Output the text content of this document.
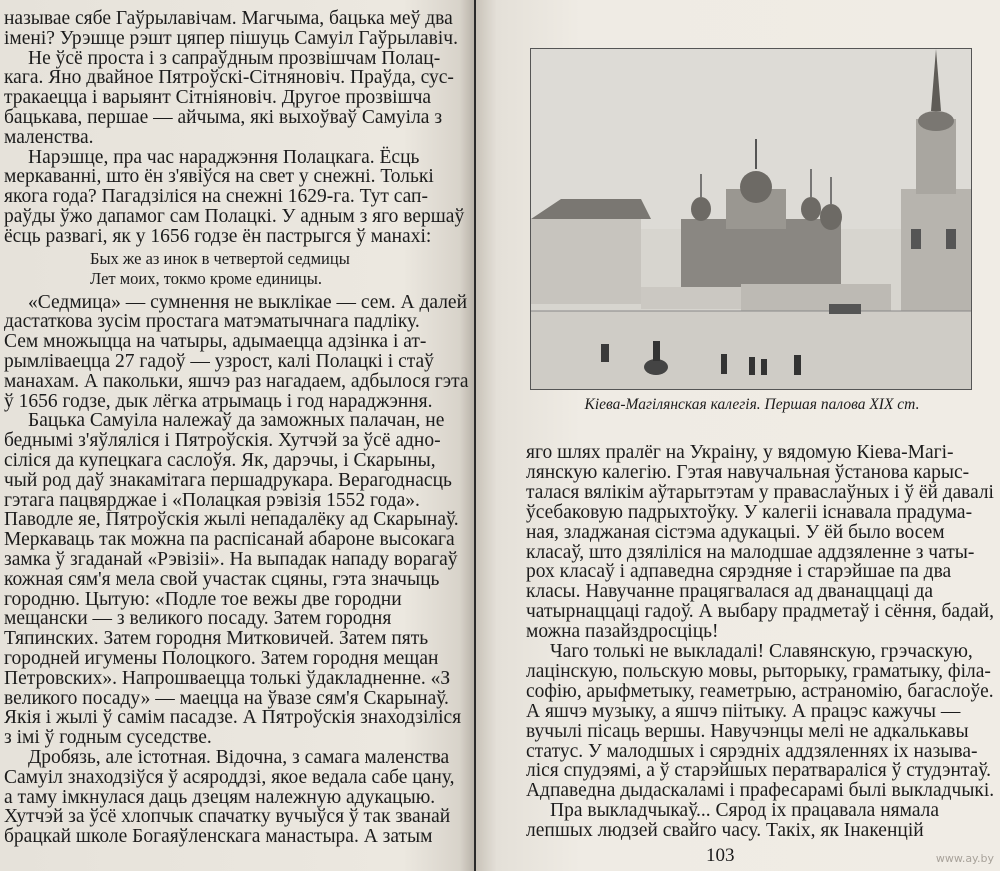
называе сябе Гаўрылавічам. Магчыма, бацька меў два
імені? Урэшце рэшт цяпер пішуць Самуіл Гаўрылавіч.
Не ўсё проста і з сапраўдным прозвішчам Полац-
кага. Яно двайное Пятроўскі-Сітняновіч. Праўда, сус-
тракаецца і варыянт Сітніяновіч. Другое прозвішча
бацькава, першае — айчыма, які выхоўваў Самуіла з
маленства.
Нарэшце, пра час нараджэння Полацкага. Ёсць
меркаванні, што ён з'явіўся на свет у снежні. Толькі
якога года? Пагадзіліся на снежні 1629-га. Тут сап-
раўды ўжо дапамог сам Полацкі. У адным з яго вершаў
ёсць развагі, як у 1656 годзе ён пастрыгся ў манахі:
Бых же аз инок в четвертой седмицы
Лет моих, токмо кроме единицы.
«Седмица» — сумнення не выклікае — сем. А далей
дастаткова зусім простага матэматычнага падліку.
Сем множыцца на чатыры, адымаецца адзінка і ат-
рымліваецца 27 гадоў — узрост, калі Полацкі і стаў
манахам. А пакольки, яшчэ раз нагадаем, адбылося гэта
ў 1656 годзе, дык лёгка атрымаць і год нараджэння.
Бацька Самуіла належаў да заможных палачан, не
беднымі з'яўляліся і Пятроўскія. Хутчэй за ўсё адно-
сіліся да купецкага саслоўя. Як, дарэчы, і Скарыны,
чый род даў знакамітага першадрукара. Верагоднасць
гэтага пацвярджае і «Полацкая рэвізія 1552 года».
Паводле яе, Пятроўскія жылі непадалёку ад Скарынаў.
Меркаваць так можна па распісанай абароне высокага
замка ў згаданай «Рэвізіі». На выпадак нападу ворагаў
кожная сям'я мела свой участак сцяны, гэта значыць
городню. Цытую: «Подле тое вежы две городни
мещански — з великого посаду. Затем городня
Тяпинских. Затем городня Митковичей. Затем пять
городней игумены Полоцкого. Затем городня мещан
Петровских». Напрошваецца толькі ўдакладненне. «З
великого посаду» — маецца на ўвазе сям'я Скарынаў.
Якія і жылі ў самім пасадзе. А Пятроўскія знаходзіліся
з імі ў годным суседстве.
Дробязь, але істотная. Відочна, з самага маленства
Самуіл знаходзіўся ў асяроддзі, якое ведала сабе цану,
а таму імкнулася даць дзецям належную адукацыю.
Хутчэй за ўсё хлопчык спачатку вучыўся ў так званай
брацкай школе Богаяўленскага манастыра. А затым
Кіева-Магілянская калегія. Першая палова XIX ст.
яго шлях пралёг на Украіну, у вядомую Кіева-Магі-
лянскую калегію. Гэтая навучальная ўстанова карыс-
талася вялікім аўтарытэтам у праваслаўных і ў ёй давалі
ўсебаковую падрыхтоўку. У калегіі існавала прадума-
ная, зладжаная сістэма адукацыі. У ёй было восем
класаў, што дзяліліся на малодшае аддзяленне з чаты-
рох класаў і адпаведна сярэдняе і старэйшае па два
класы. Навучанне працягвалася ад дванаццаці да
чатырнаццаці гадоў. А выбару прадметаў і сёння, бадай,
можна пазайздросціць!
Чаго толькі не выкладалі! Славянскую, грэчаскую,
лацінскую, польскую мовы, рыторыку, граматыку, філа-
софію, арыфметыку, геаметрыю, астраномію, багаслоўе.
А яшчэ музыку, а яшчэ піітыку. А працэс кажучы —
вучылі пісаць вершы. Навучэнцы мелі не адкалькавы
статус. У малодшых і сярэдніх аддзяленнях іх называ-
ліся спудэямі, а ў старэйшых ператвараліся ў студэнтаў.
Адпаведна дыдаскаламі і прафесарамі былі выкладчыкі.
Пра выкладчыкаў... Сярод іх працавала нямала
лепшых людзей свайго часу. Такіх, як Інакенцій
103	www.ay.by
